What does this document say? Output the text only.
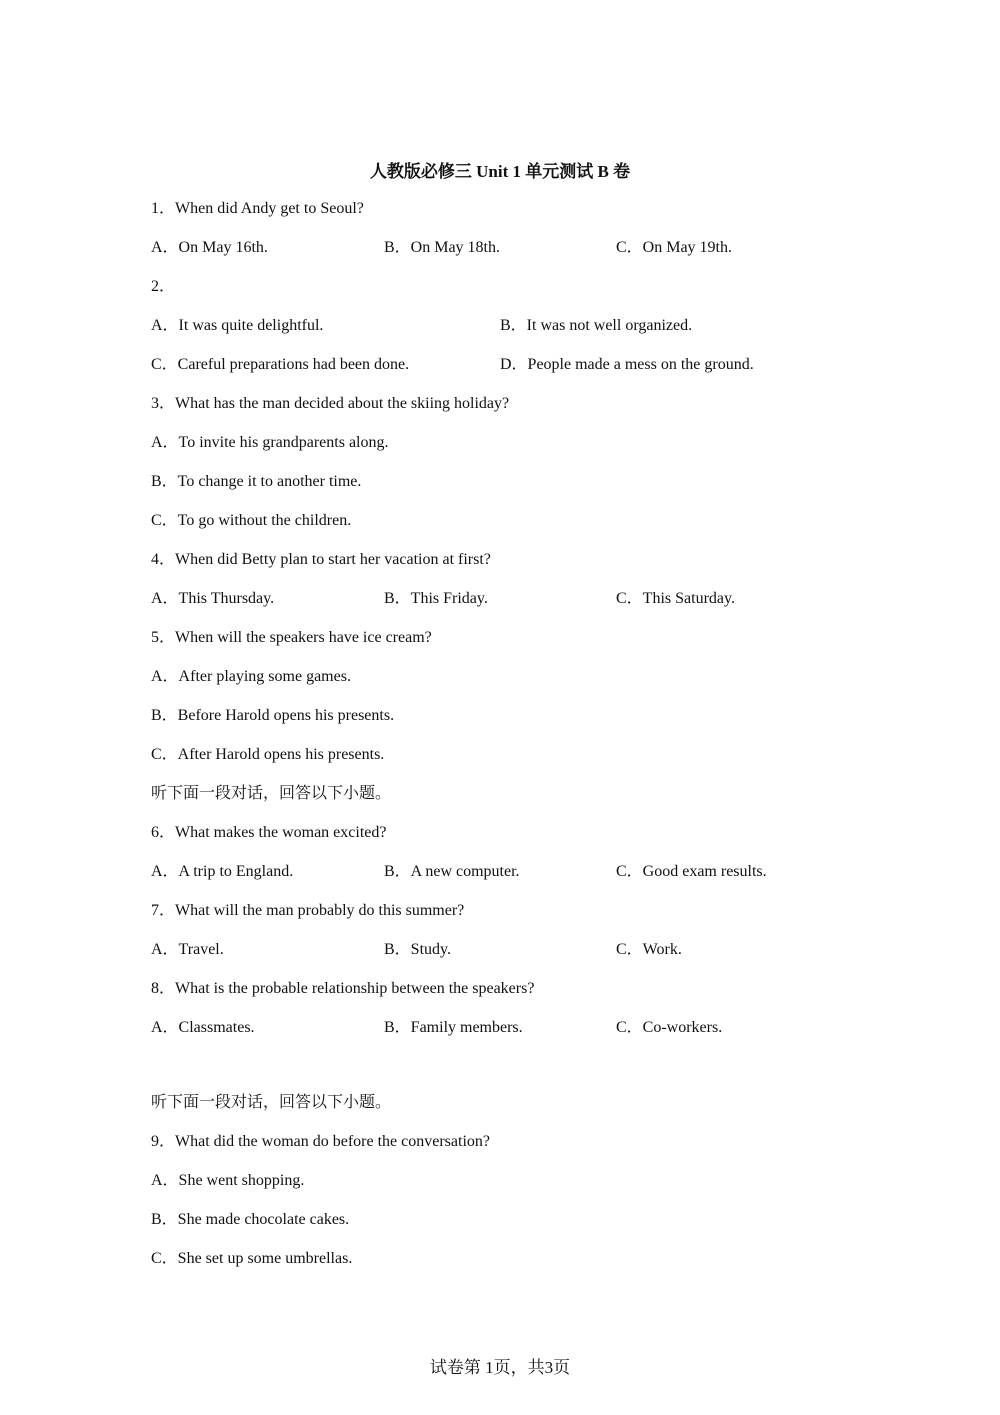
人教版必修三 Unit 1 单元测试 B 卷
1．When did Andy get to Seoul?
A．On May 16th.	B．On May 18th.	C．On May 19th.
2．
A．It was quite delightful.	B．It was not well organized.
C．Careful preparations had been done.	D．People made a mess on the ground.
3．What has the man decided about the skiing holiday?
A．To invite his grandparents along.
B．To change it to another time.
C．To go without the children.
4．When did Betty plan to start her vacation at first?
A．This Thursday.	B．This Friday.	C．This Saturday.
5．When will the speakers have ice cream?
A．After playing some games.
B．Before Harold opens his presents.
C．After Harold opens his presents.
听下面一段对话，回答以下小题。
6．What makes the woman excited?
A．A trip to England.	B．A new computer.	C．Good exam results.
7．What will the man probably do this summer?
A．Travel.	B．Study.	C．Work.
8．What is the probable relationship between the speakers?
A．Classmates.	B．Family members.	C．Co-workers.
听下面一段对话，回答以下小题。
9．What did the woman do before the conversation?
A．She went shopping.
B．She made chocolate cakes.
C．She set up some umbrellas.
试卷第 1页，共3页
